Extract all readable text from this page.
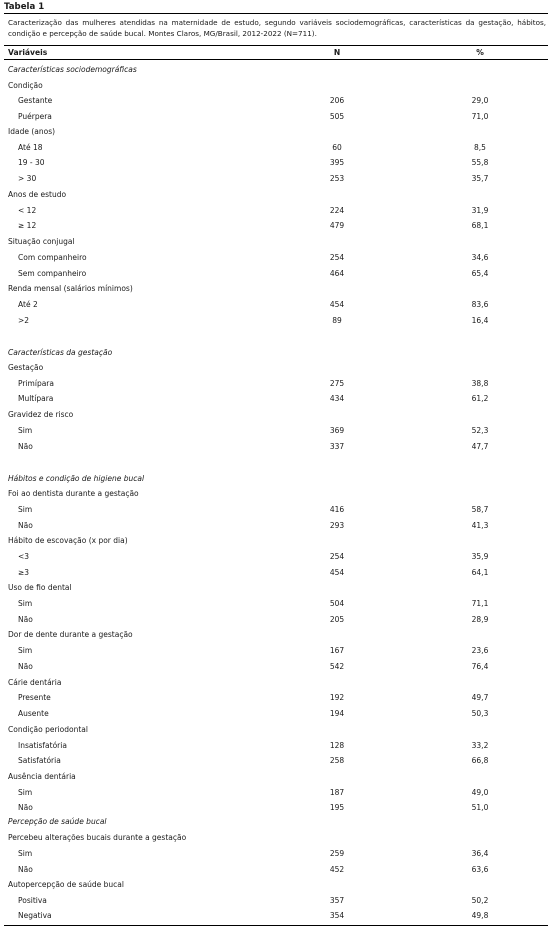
Tabela 1
Caracterização das mulheres atendidas na maternidade de estudo, segundo variáveis sociodemográficas, características da gestação, hábitos, condição e percepção de saúde bucal. Montes Claros, MG/Brasil, 2012-2022 (N=711).
Variáveis	N	%
Características sociodemográficas
Condição
Gestante	206	29,0
Puérpera	505	71,0
Idade (anos)
Até 18	60	8,5
19 - 30	395	55,8
> 30	253	35,7
Anos de estudo
< 12	224	31,9
≥ 12	479	68,1
Situação conjugal
Com companheiro	254	34,6
Sem companheiro	464	65,4
Renda mensal (salários mínimos)
Até 2	454	83,6
>2	89	16,4
Características da gestação
Gestação
Primípara	275	38,8
Multípara	434	61,2
Gravidez de risco
Sim	369	52,3
Não	337	47,7
Hábitos e condição de higiene bucal
Foi ao dentista durante a gestação
Sim	416	58,7
Não	293	41,3
Hábito de escovação (x por dia)
<3	254	35,9
≥3	454	64,1
Uso de fio dental
Sim	504	71,1
Não	205	28,9
Dor de dente durante a gestação
Sim	167	23,6
Não	542	76,4
Cárie dentária
Presente	192	49,7
Ausente	194	50,3
Condição periodontal
Insatisfatória	128	33,2
Satisfatória	258	66,8
Ausência dentária
Sim	187	49,0
Não	195	51,0
Percepção de saúde bucal
Percebeu alterações bucais durante a gestação
Sim	259	36,4
Não	452	63,6
Autopercepção de saúde bucal
Positiva	357	50,2
Negativa	354	49,8
